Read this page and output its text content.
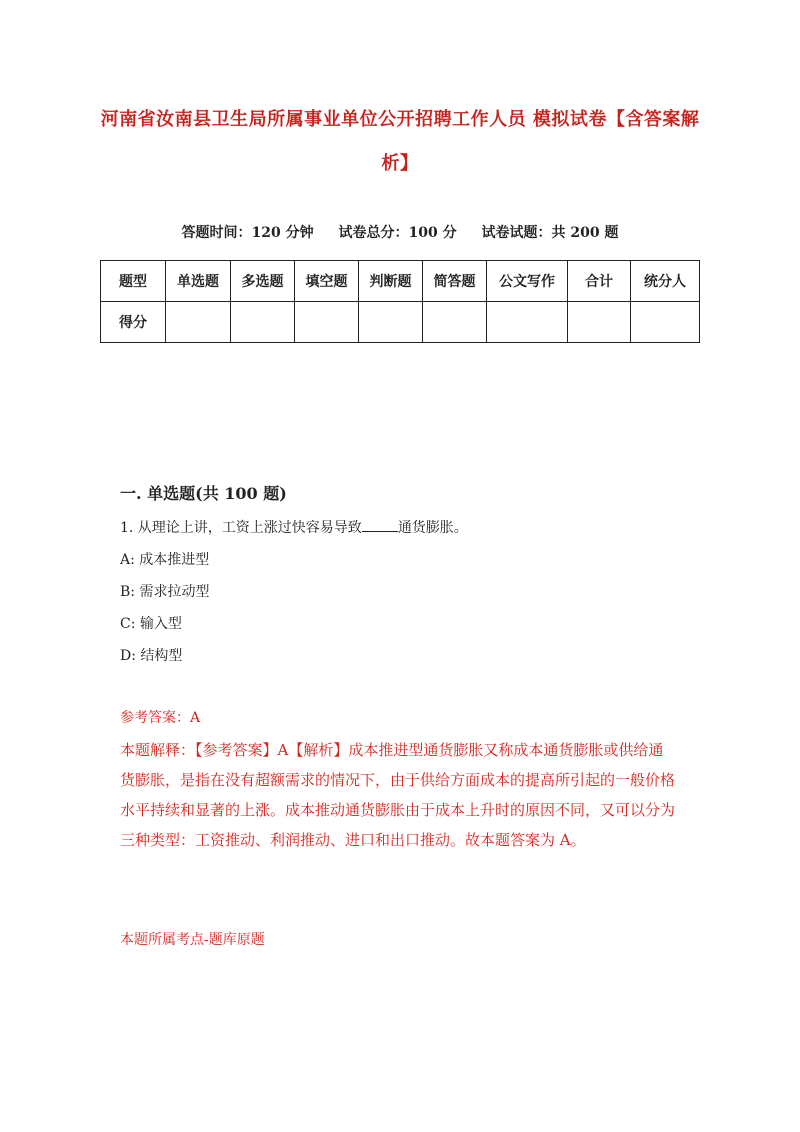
河南省汝南县卫生局所属事业单位公开招聘工作人员 模拟试卷【含答案解析】
答题时间：120 分钟 试卷总分：100 分 试卷试题：共 200 题
题型	单选题	多选题	填空题	判断题	简答题	公文写作	合计	统分人
得分								
一. 单选题(共 100 题)
1. 从理论上讲，工资上涨过快容易导致	通货膨胀。
A: 成本推进型
B: 需求拉动型
C: 输入型
D: 结构型
参考答案：A
本题解释：【参考答案】A【解析】成本推进型通货膨胀又称成本通货膨胀或供给通货膨胀，是指在没有超额需求的情况下，由于供给方面成本的提高所引起的一般价格水平持续和显著的上涨。成本推动通货膨胀由于成本上升时的原因不同，又可以分为三种类型：工资推动、利润推动、进口和出口推动。故本题答案为 A。
本题所属考点-题库原题
